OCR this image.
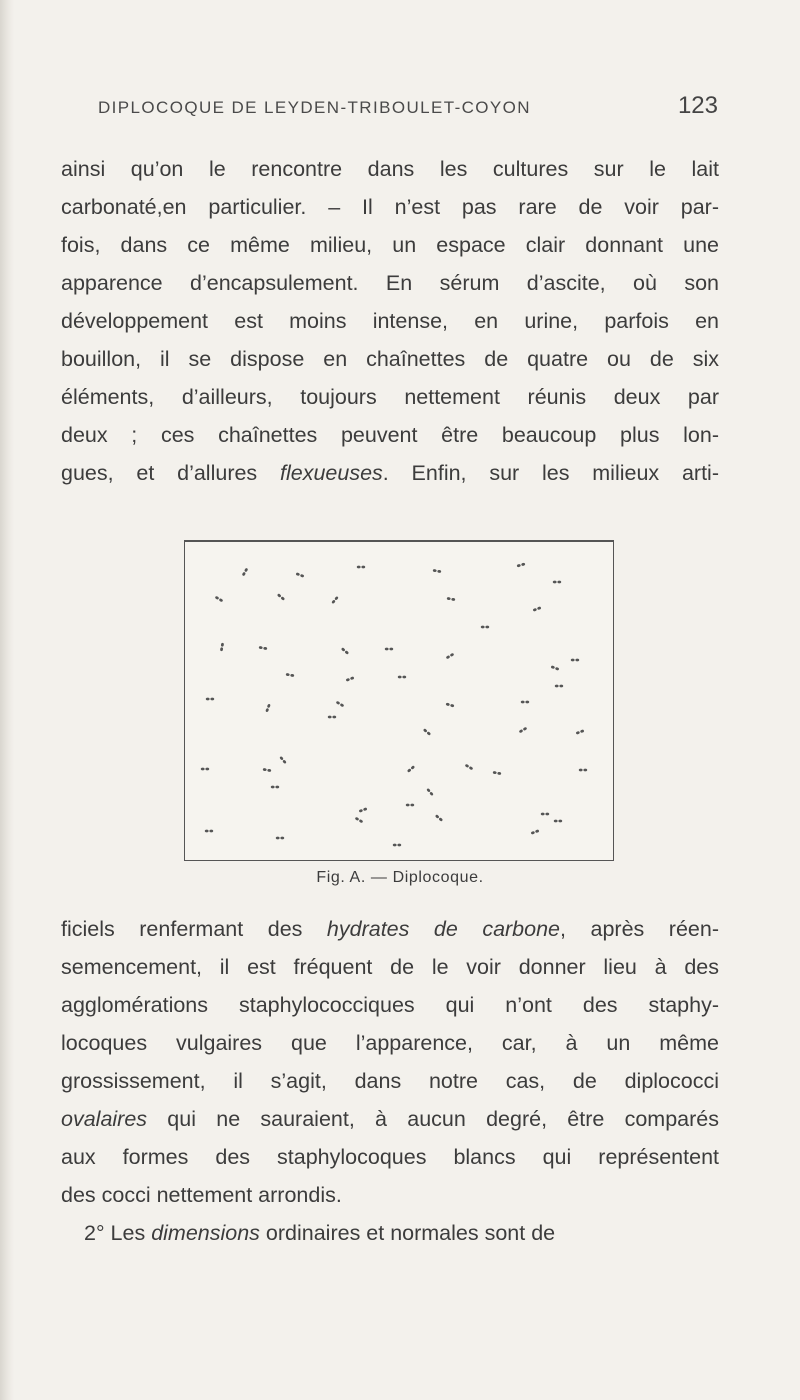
DIPLOCOQUE DE LEYDEN-TRIBOULET-COYON	123
ainsi qu’on le rencontre dans les cultures sur le lait
carbonaté,en particulier. – Il n’est pas rare de voir par-
fois, dans ce même milieu, un espace clair donnant une
apparence d’encapsulement. En sérum d’ascite, où son
développement est moins intense, en urine, parfois en
bouillon, il se dispose en chaînettes de quatre ou de six
éléments, d’ailleurs, toujours nettement réunis deux par
deux ; ces chaînettes peuvent être beaucoup plus lon-
gues, et d’allures flexueuses. Enfin, sur les milieux arti-
Fig. A. — Diplocoque.
ficiels renfermant des hydrates de carbone, après réen-
semencement, il est fréquent de le voir donner lieu à des
agglomérations staphylococciques qui n’ont des staphy-
locoques vulgaires que l’apparence, car, à un même
grossissement, il s’agit, dans notre cas, de diplococci
ovalaires qui ne sauraient, à aucun degré, être comparés
aux formes des staphylocoques blancs qui représentent
des cocci nettement arrondis.
2° Les dimensions ordinaires et normales sont de
